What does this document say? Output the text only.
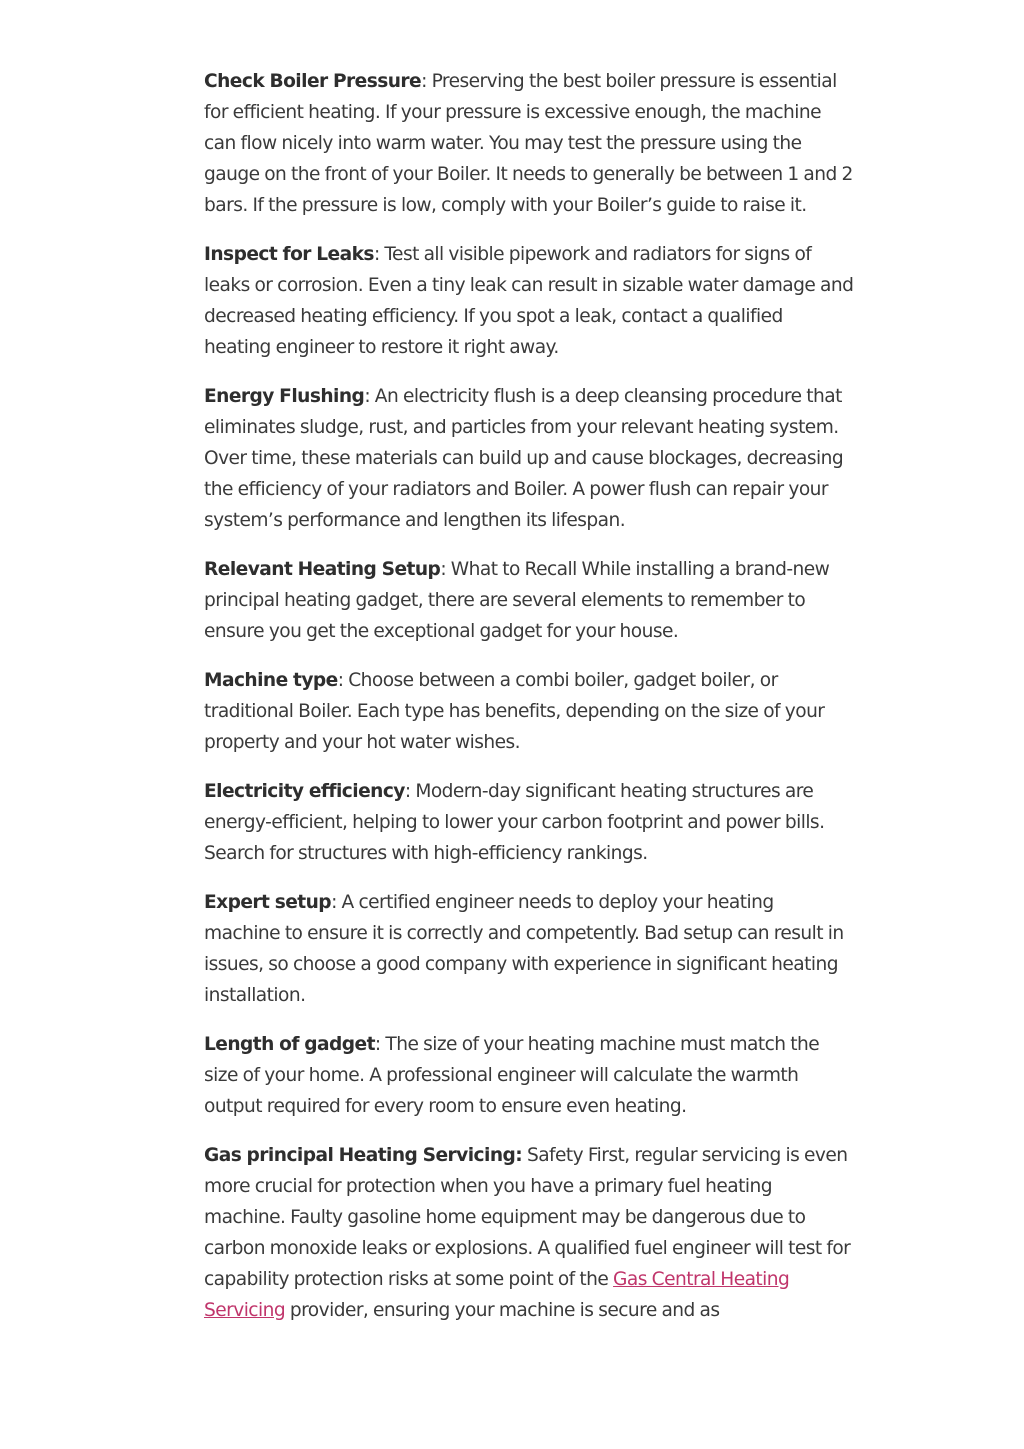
Check Boiler Pressure: Preserving the best boiler pressure is essential for efficient heating. If your pressure is excessive enough, the machine can flow nicely into warm water. You may test the pressure using the gauge on the front of your Boiler. It needs to generally be between 1 and 2 bars. If the pressure is low, comply with your Boiler’s guide to raise it.

Inspect for Leaks: Test all visible pipework and radiators for signs of leaks or corrosion. Even a tiny leak can result in sizable water damage and decreased heating efficiency. If you spot a leak, contact a qualified heating engineer to restore it right away.

Energy Flushing: An electricity flush is a deep cleansing procedure that eliminates sludge, rust, and particles from your relevant heating system. Over time, these materials can build up and cause blockages, decreasing the efficiency of your radiators and Boiler. A power flush can repair your system’s performance and lengthen its lifespan.

Relevant Heating Setup: What to Recall While installing a brand-new principal heating gadget, there are several elements to remember to ensure you get the exceptional gadget for your house.

Machine type: Choose between a combi boiler, gadget boiler, or traditional Boiler. Each type has benefits, depending on the size of your property and your hot water wishes.

Electricity efficiency: Modern-day significant heating structures are energy-efficient, helping to lower your carbon footprint and power bills. Search for structures with high-efficiency rankings.

Expert setup: A certified engineer needs to deploy your heating machine to ensure it is correctly and competently. Bad setup can result in issues, so choose a good company with experience in significant heating installation.

Length of gadget: The size of your heating machine must match the size of your home. A professional engineer will calculate the warmth output required for every room to ensure even heating.

Gas principal Heating Servicing: Safety First, regular servicing is even more crucial for protection when you have a primary fuel heating machine. Faulty gasoline home equipment may be dangerous due to carbon monoxide leaks or explosions. A qualified fuel engineer will test for capability protection risks at some point of the Gas Central Heating Servicing provider, ensuring your machine is secure and as
